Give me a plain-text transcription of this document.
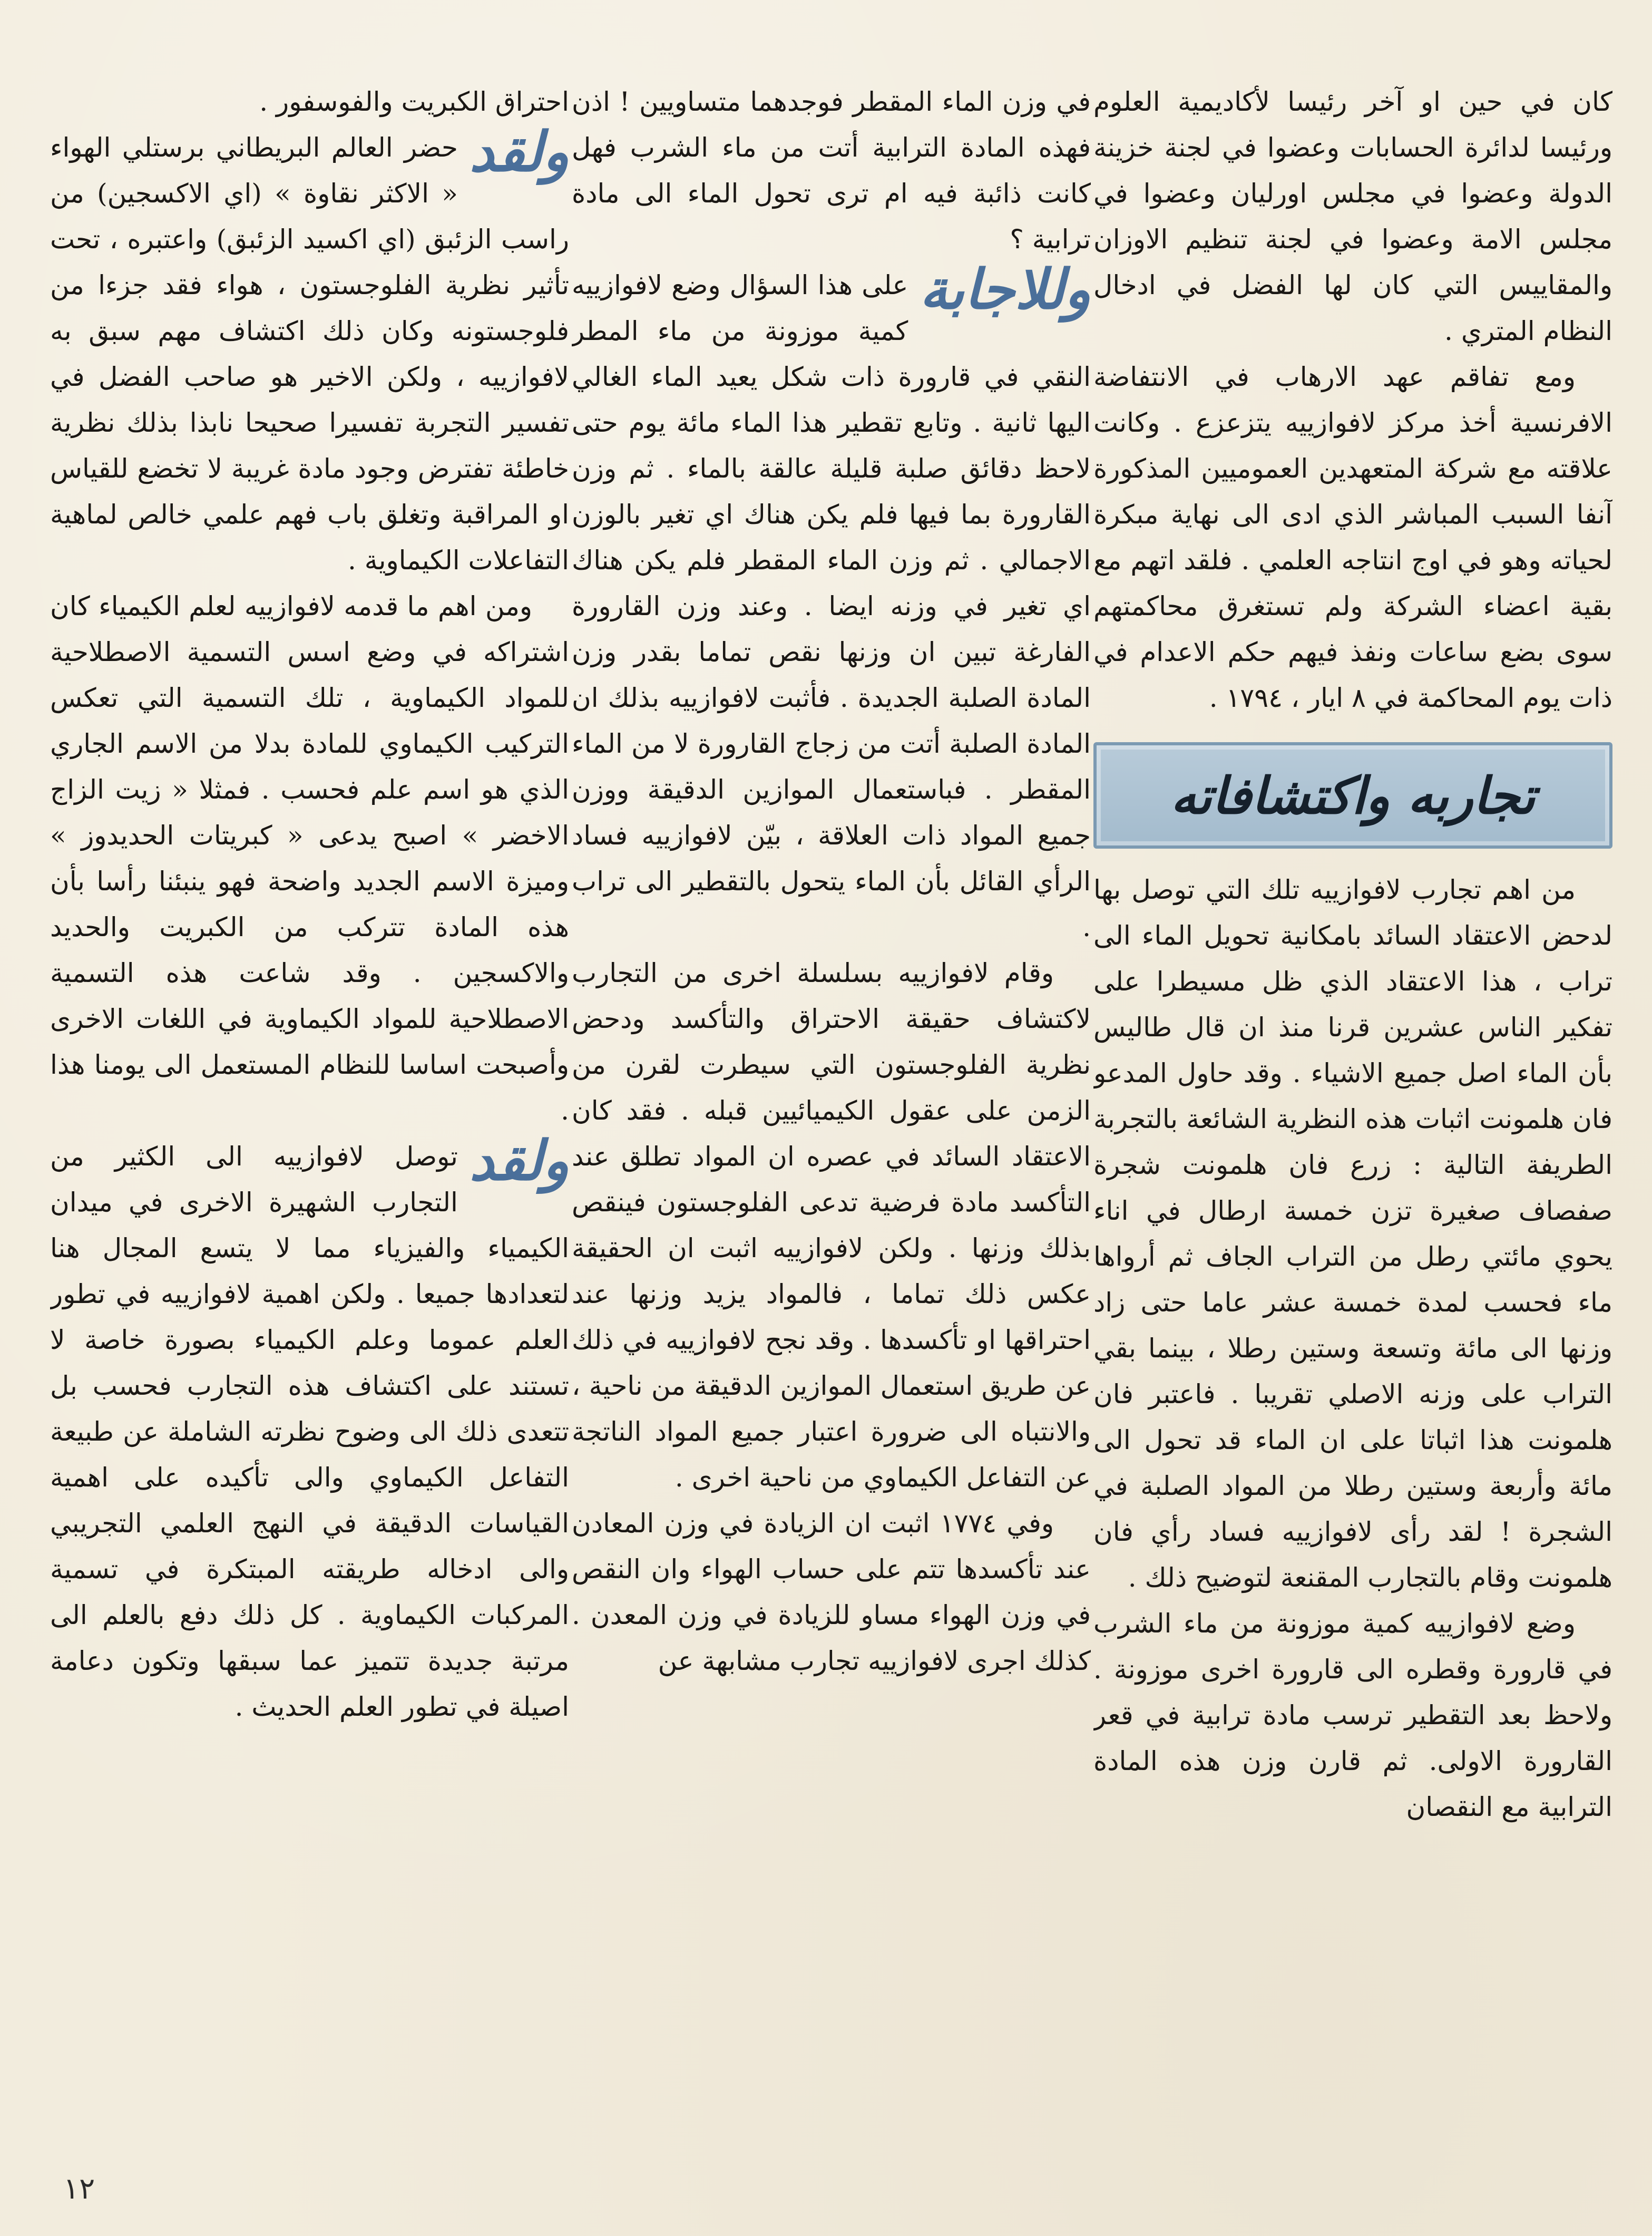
كان في حين او آخر رئيسا لأكاديمية العلوم ورئيسا لدائرة الحسابات وعضوا في لجنة خزينة الدولة وعضوا في مجلس اورليان وعضوا في مجلس الامة وعضوا في لجنة تنظيم الاوزان والمقاييس التي كان لها الفضل في ادخال النظام المتري .

ومع تفاقم عهد الارهاب في الانتفاضة الافرنسية أخذ مركز لافوازييه يتزعزع . وكانت علاقته مع شركة المتعهدين العموميين المذكورة آنفا السبب المباشر الذي ادى الى نهاية مبكرة لحياته وهو في اوج انتاجه العلمي . فلقد اتهم مع بقية اعضاء الشركة ولم تستغرق محاكمتهم سوى بضع ساعات ونفذ فيهم حكم الاعدام في ذات يوم المحاكمة في ٨ ايار ، ١٧٩٤ .

تجاربه واكتشافاته

من اهم تجارب لافوازييه تلك التي توصل بها لدحض الاعتقاد السائد بامكانية تحويل الماء الى تراب ، هذا الاعتقاد الذي ظل مسيطرا على تفكير الناس عشرين قرنا منذ ان قال طاليس بأن الماء اصل جميع الاشياء . وقد حاول المدعو فان هلمونت اثبات هذه النظرية الشائعة بالتجربة الطريفة التالية : زرع فان هلمونت شجرة صفصاف صغيرة تزن خمسة ارطال في اناء يحوي مائتي رطل من التراب الجاف ثم أرواها ماء فحسب لمدة خمسة عشر عاما حتى زاد وزنها الى مائة وتسعة وستين رطلا ، بينما بقي التراب على وزنه الاصلي تقريبا . فاعتبر فان هلمونت هذا اثباتا على ان الماء قد تحول الى مائة وأربعة وستين رطلا من المواد الصلبة في الشجرة ! لقد رأى لافوازييه فساد رأي فان هلمونت وقام بالتجارب المقنعة لتوضيح ذلك .

وضع لافوازييه كمية موزونة من ماء الشرب في قارورة وقطره الى قارورة اخرى موزونة . ولاحظ بعد التقطير ترسب مادة ترابية في قعر القارورة الاولى. ثم قارن وزن هذه المادة الترابية مع النقصان

في وزن الماء المقطر فوجدهما متساويين ! اذن فهذه المادة الترابية أتت من ماء الشرب فهل كانت ذائبة فيه ام ترى تحول الماء الى مادة ترابية ؟

وللاجابة
على هذا السؤال وضع لافوازييه كمية موزونة من ماء المطر النقي في قارورة ذات شكل يعيد الماء الغالي اليها ثانية . وتابع تقطير هذا الماء مائة يوم حتى لاحظ دقائق صلبة قليلة عالقة بالماء . ثم وزن القارورة بما فيها فلم يكن هناك اي تغير بالوزن الاجمالي . ثم وزن الماء المقطر فلم يكن هناك اي تغير في وزنه ايضا . وعند وزن القارورة الفارغة تبين ان وزنها نقص تماما بقدر وزن المادة الصلبة الجديدة . فأثبت لافوازييه بذلك ان المادة الصلبة أتت من زجاج القارورة لا من الماء المقطر . فباستعمال الموازين الدقيقة ووزن جميع المواد ذات العلاقة ، بيّن لافوازييه فساد الرأي القائل بأن الماء يتحول بالتقطير الى تراب .

وقام لافوازييه بسلسلة اخرى من التجارب لاكتشاف حقيقة الاحتراق والتأكسد ودحض نظرية الفلوجستون التي سيطرت لقرن من الزمن على عقول الكيميائيين قبله . فقد كان الاعتقاد السائد في عصره ان المواد تطلق عند التأكسد مادة فرضية تدعى الفلوجستون فينقص بذلك وزنها . ولكن لافوازييه اثبت ان الحقيقة عكس ذلك تماما ، فالمواد يزيد وزنها عند احتراقها او تأكسدها . وقد نجح لافوازييه في ذلك عن طريق استعمال الموازين الدقيقة من ناحية ، والانتباه الى ضرورة اعتبار جميع المواد الناتجة عن التفاعل الكيماوي من ناحية اخرى .

وفي ١٧٧٤ اثبت ان الزيادة في وزن المعادن عند تأكسدها تتم على حساب الهواء وان النقص في وزن الهواء مساو للزيادة في وزن المعدن . كذلك اجرى لافوازييه تجارب مشابهة عن

احتراق الكبريت والفوسفور .

ولقد
حضر العالم البريطاني برستلي الهواء « الاكثر نقاوة » (اي الاكسجين) من راسب الزئبق (اي اكسيد الزئبق) واعتبره ، تحت تأثير نظرية الفلوجستون ، هواء فقد جزءا من فلوجستونه وكان ذلك اكتشاف مهم سبق به لافوازييه ، ولكن الاخير هو صاحب الفضل في تفسير التجربة تفسيرا صحيحا نابذا بذلك نظرية خاطئة تفترض وجود مادة غريبة لا تخضع للقياس او المراقبة وتغلق باب فهم علمي خالص لماهية التفاعلات الكيماوية .

ومن اهم ما قدمه لافوازييه لعلم الكيمياء كان اشتراكه في وضع اسس التسمية الاصطلاحية للمواد الكيماوية ، تلك التسمية التي تعكس التركيب الكيماوي للمادة بدلا من الاسم الجاري الذي هو اسم علم فحسب . فمثلا « زيت الزاج الاخضر » اصبح يدعى « كبريتات الحديدوز » وميزة الاسم الجديد واضحة فهو ينبئنا رأسا بأن هذه المادة تتركب من الكبريت والحديد والاكسجين . وقد شاعت هذه التسمية الاصطلاحية للمواد الكيماوية في اللغات الاخرى وأصبحت اساسا للنظام المستعمل الى يومنا هذا .

ولقد
توصل لافوازييه الى الكثير من التجارب الشهيرة الاخرى في ميدان الكيمياء والفيزياء مما لا يتسع المجال هنا لتعدادها جميعا . ولكن اهمية لافوازييه في تطور العلم عموما وعلم الكيمياء بصورة خاصة لا تستند على اكتشاف هذه التجارب فحسب بل تتعدى ذلك الى وضوح نظرته الشاملة عن طبيعة التفاعل الكيماوي والى تأكيده على اهمية القياسات الدقيقة في النهج العلمي التجريبي والى ادخاله طريقته المبتكرة في تسمية المركبات الكيماوية . كل ذلك دفع بالعلم الى مرتبة جديدة تتميز عما سبقها وتكون دعامة اصيلة في تطور العلم الحديث .

١٢
